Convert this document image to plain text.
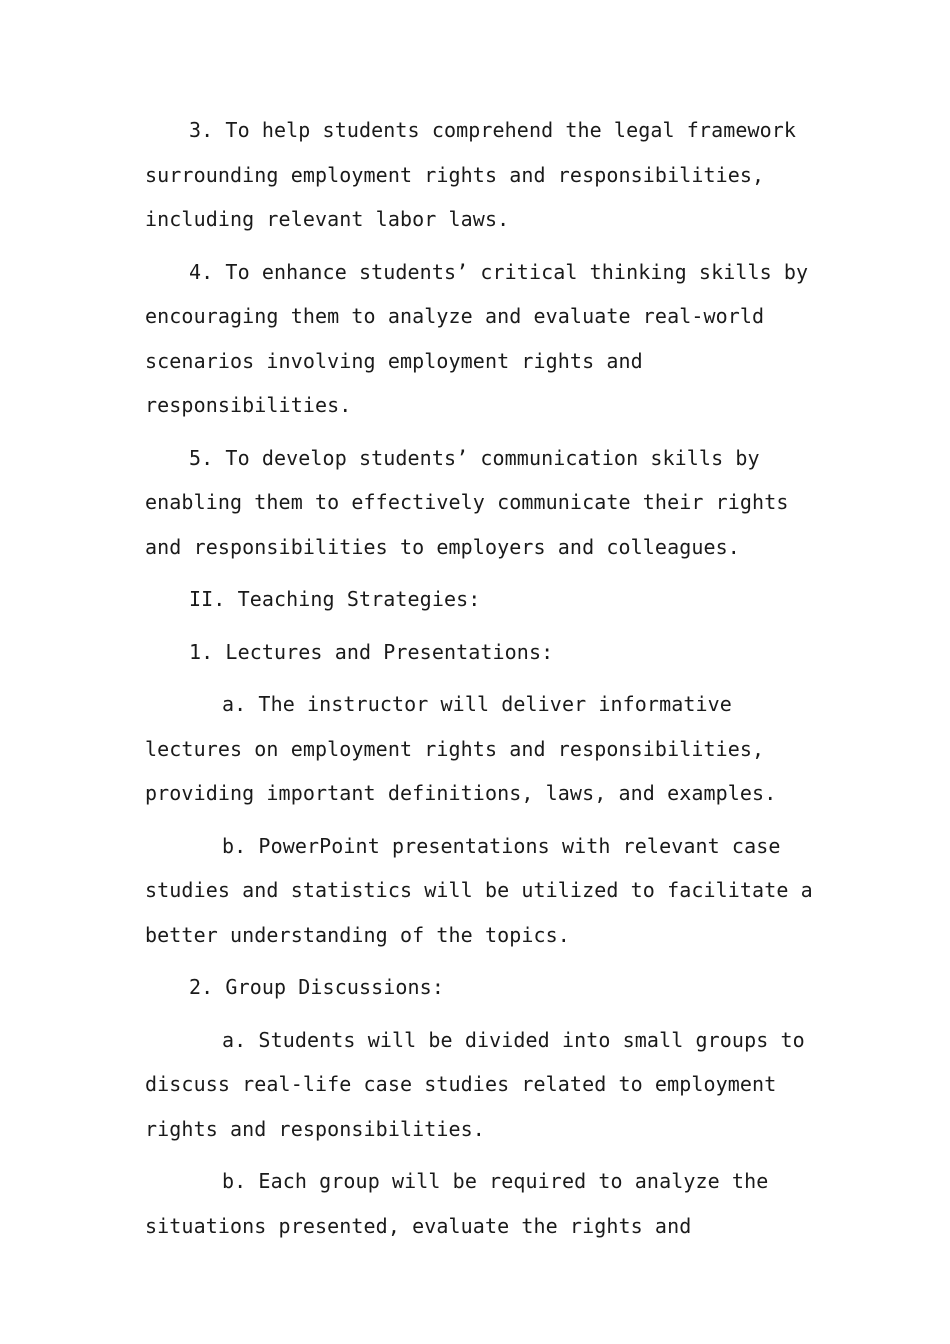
3. To help students comprehend the legal framework surrounding employment rights and responsibilities, including relevant labor laws.

4. To enhance students’ critical thinking skills by encouraging them to analyze and evaluate real-world scenarios involving employment rights and responsibilities.

5. To develop students’ communication skills by enabling them to effectively communicate their rights and responsibilities to employers and colleagues.

II. Teaching Strategies:

1. Lectures and Presentations:

a. The instructor will deliver informative lectures on employment rights and responsibilities, providing important definitions, laws, and examples.

b. PowerPoint presentations with relevant case studies and statistics will be utilized to facilitate a better understanding of the topics.

2. Group Discussions:

a. Students will be divided into small groups to discuss real-life case studies related to employment rights and responsibilities.

b. Each group will be required to analyze the situations presented, evaluate the rights and
